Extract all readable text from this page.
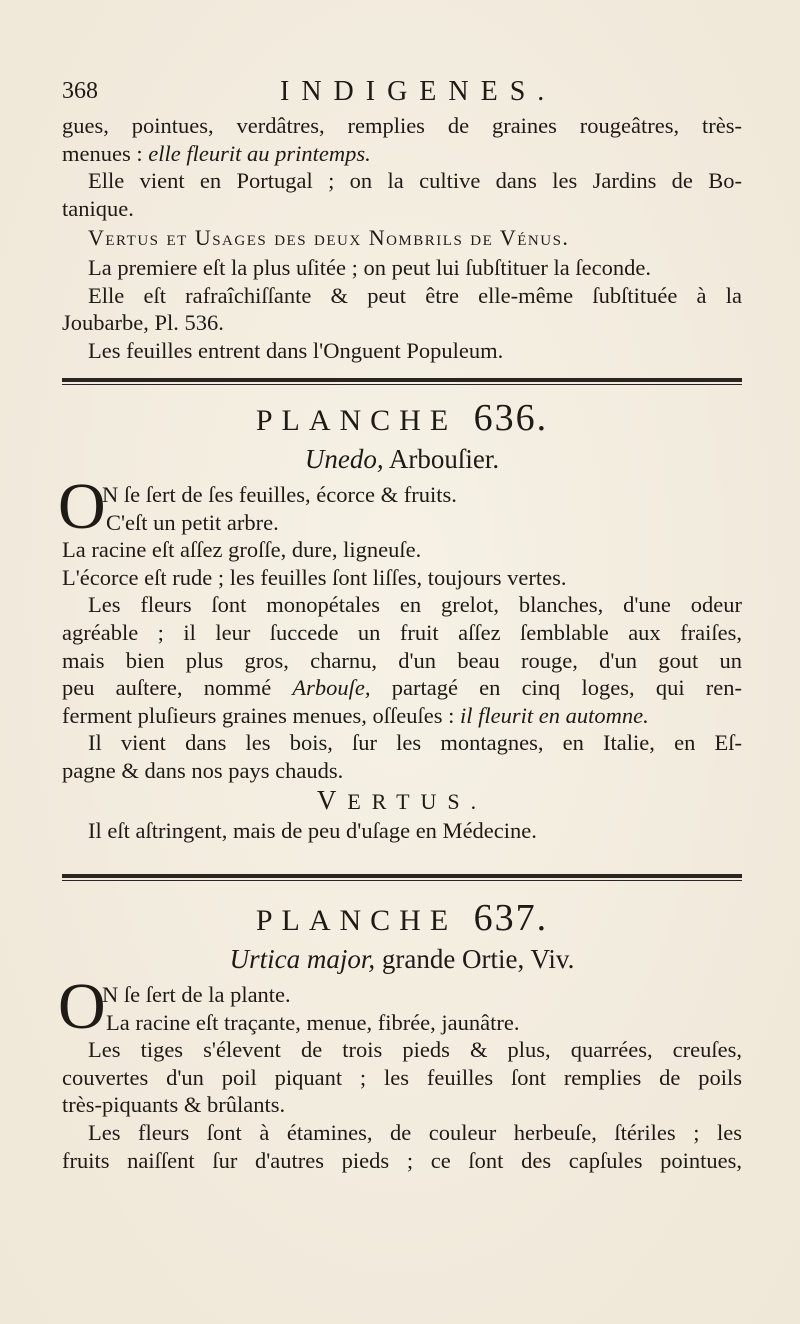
368	INDIGENES.

gues, pointues, verdâtres, remplies de graines rougeâtres, très-

menues : elle fleurit au printemps.

Elle vient en Portugal ; on la cultive dans les Jardins de Bo-

tanique.

Vertus et Usages des deux Nombrils de Vénus.

La premiere eſt la plus uſitée ; on peut lui ſubſtituer la ſeconde.

Elle eſt rafraîchiſſante & peut être elle-même ſubſtituée à la

Joubarbe, Pl. 536.

Les feuilles entrent dans l'Onguent Populeum.

PLANCHE 636.
Unedo, Arbouſier.
O

N ſe ſert de ſes feuilles, écorce & fruits.

C'eſt un petit arbre.

La racine eſt aſſez groſſe, dure, ligneuſe.

L'écorce eſt rude ; les feuilles ſont liſſes, toujours vertes.

Les fleurs ſont monopétales en grelot, blanches, d'une odeur

agréable ; il leur ſuccede un fruit aſſez ſemblable aux fraiſes,

mais bien plus gros, charnu, d'un beau rouge, d'un gout un

peu auſtere, nommé Arbouſe, partagé en cinq loges, qui ren-

ferment pluſieurs graines menues, oſſeuſes : il fleurit en automne.

Il vient dans les bois, ſur les montagnes, en Italie, en Eſ-

pagne & dans nos pays chauds.

VERTUS.

Il eſt aſtringent, mais de peu d'uſage en Médecine.

PLANCHE 637.
Urtica major, grande Ortie, Viv.
O

N ſe ſert de la plante.

La racine eſt traçante, menue, fibrée, jaunâtre.

Les tiges s'élevent de trois pieds & plus, quarrées, creuſes,

couvertes d'un poil piquant ; les feuilles ſont remplies de poils

très-piquants & brûlants.

Les fleurs ſont à étamines, de couleur herbeuſe, ſtériles ; les

fruits naiſſent ſur d'autres pieds ; ce ſont des capſules pointues,
